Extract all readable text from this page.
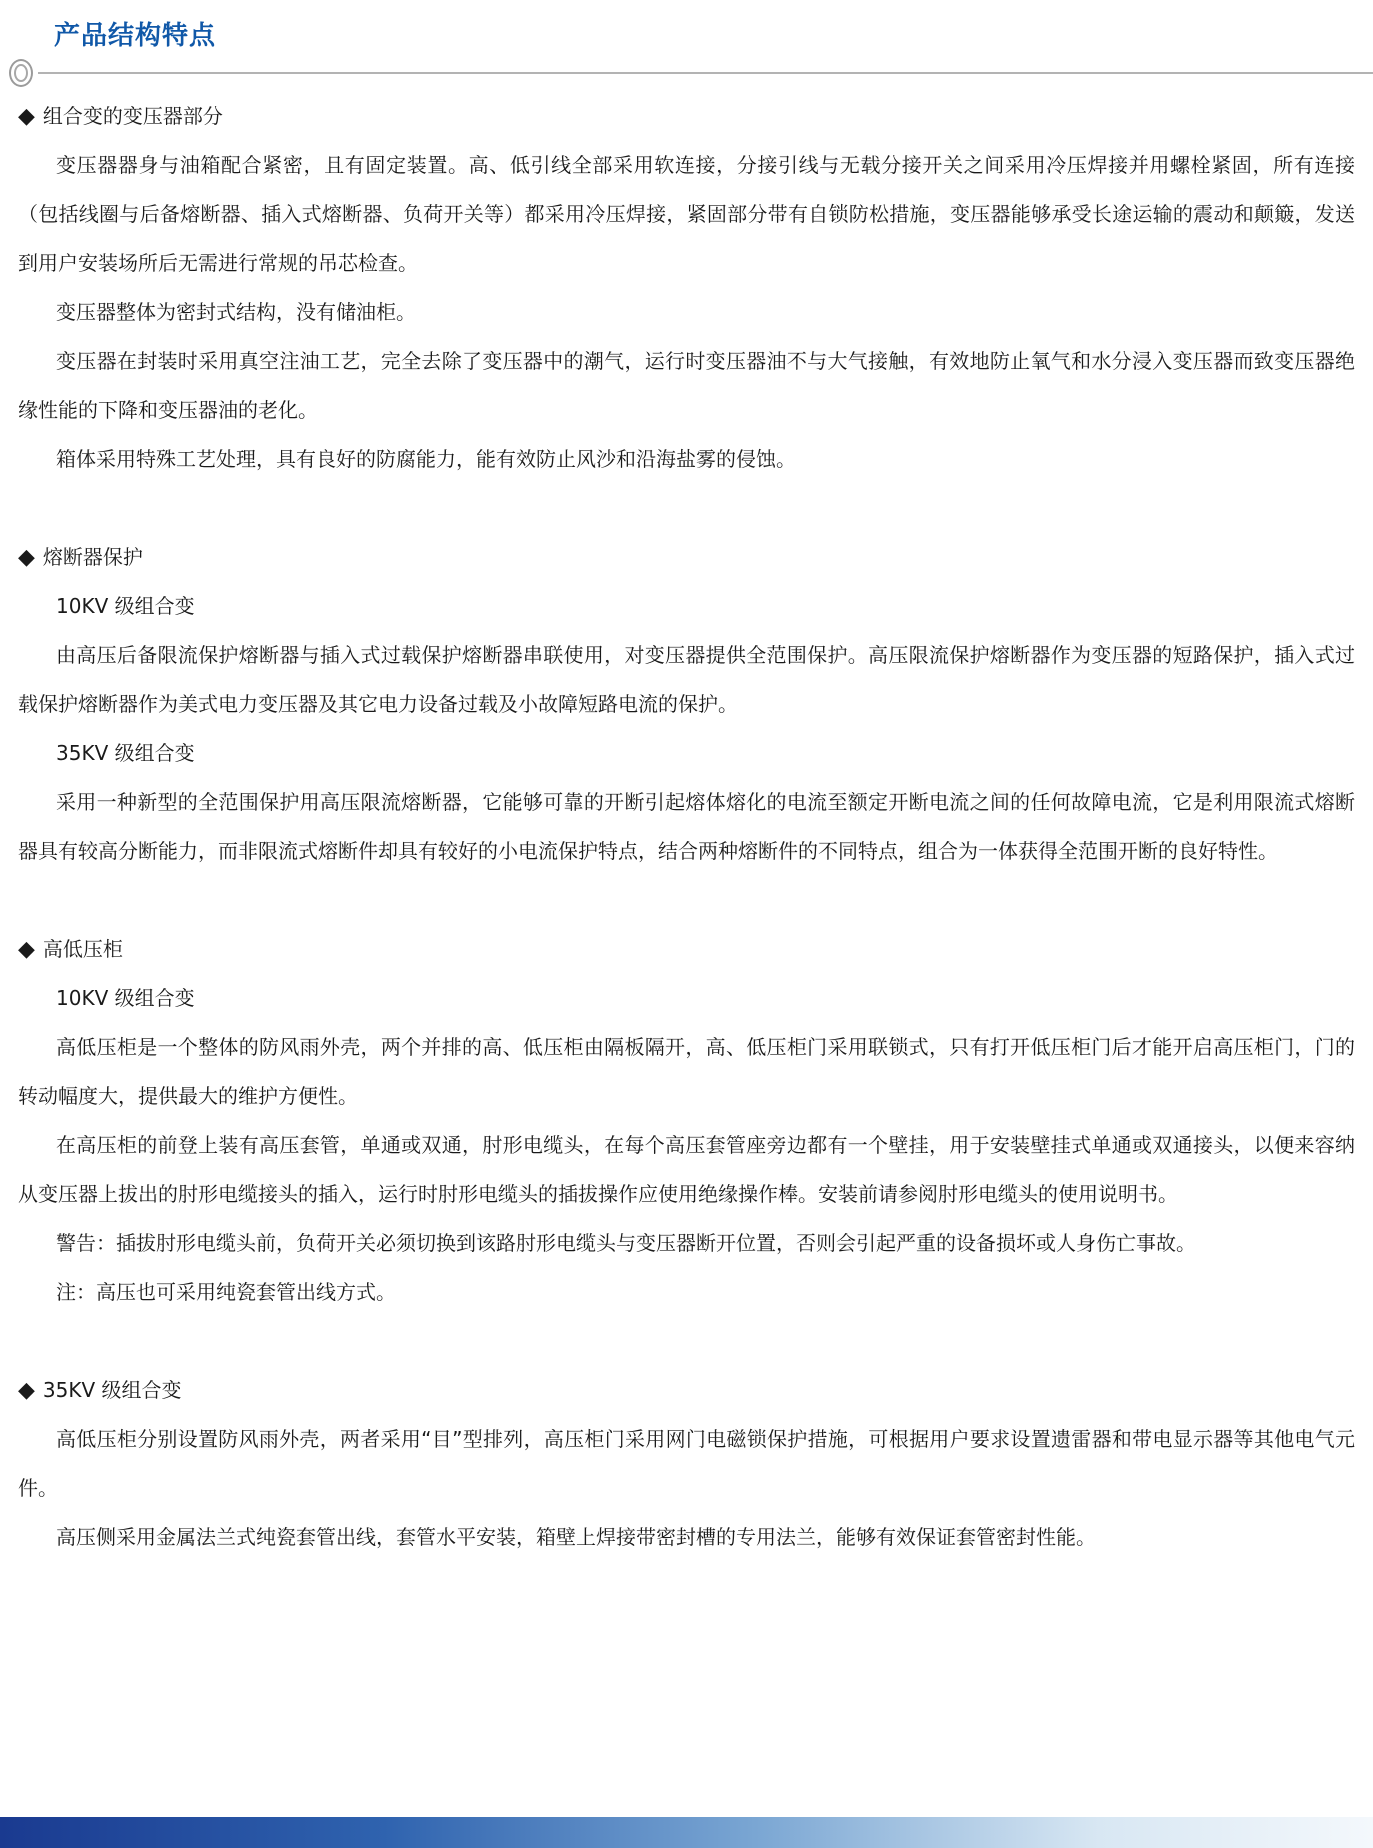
产品结构特点
◆ 组合变的变压器部分

变压器器身与油箱配合紧密，且有固定装置。高、低引线全部采用软连接，分接引线与无载分接开关之间采用冷压焊接并用螺栓紧固，所有连接（包括线圈与后备熔断器、插入式熔断器、负荷开关等）都采用冷压焊接，紧固部分带有自锁防松措施，变压器能够承受长途运输的震动和颠簸，发送到用户安装场所后无需进行常规的吊芯检查。

变压器整体为密封式结构，没有储油柜。

变压器在封装时采用真空注油工艺，完全去除了变压器中的潮气，运行时变压器油不与大气接触，有效地防止氧气和水分浸入变压器而致变压器绝缘性能的下降和变压器油的老化。

箱体采用特殊工艺处理，具有良好的防腐能力，能有效防止风沙和沿海盐雾的侵蚀。

◆ 熔断器保护

10KV 级组合变

由高压后备限流保护熔断器与插入式过载保护熔断器串联使用，对变压器提供全范围保护。高压限流保护熔断器作为变压器的短路保护，插入式过载保护熔断器作为美式电力变压器及其它电力设备过载及小故障短路电流的保护。

35KV 级组合变

采用一种新型的全范围保护用高压限流熔断器，它能够可靠的开断引起熔体熔化的电流至额定开断电流之间的任何故障电流，它是利用限流式熔断器具有较高分断能力，而非限流式熔断件却具有较好的小电流保护特点，结合两种熔断件的不同特点，组合为一体获得全范围开断的良好特性。

◆ 高低压柜

10KV 级组合变

高低压柜是一个整体的防风雨外壳，两个并排的高、低压柜由隔板隔开，高、低压柜门采用联锁式，只有打开低压柜门后才能开启高压柜门，门的转动幅度大，提供最大的维护方便性。

在高压柜的前登上装有高压套管，单通或双通，肘形电缆头，在每个高压套管座旁边都有一个壁挂，用于安装壁挂式单通或双通接头，以便来容纳从变压器上拔出的肘形电缆接头的插入，运行时肘形电缆头的插拔操作应使用绝缘操作棒。安装前请参阅肘形电缆头的使用说明书。

警告：插拔肘形电缆头前，负荷开关必须切换到该路肘形电缆头与变压器断开位置，否则会引起严重的设备损坏或人身伤亡事故。

注：高压也可采用纯瓷套管出线方式。

◆ 35KV 级组合变

高低压柜分别设置防风雨外壳，两者采用“目”型排列，高压柜门采用网门电磁锁保护措施，可根据用户要求设置遗雷器和带电显示器等其他电气元件。

高压侧采用金属法兰式纯瓷套管出线，套管水平安装，箱壁上焊接带密封槽的专用法兰，能够有效保证套管密封性能。
